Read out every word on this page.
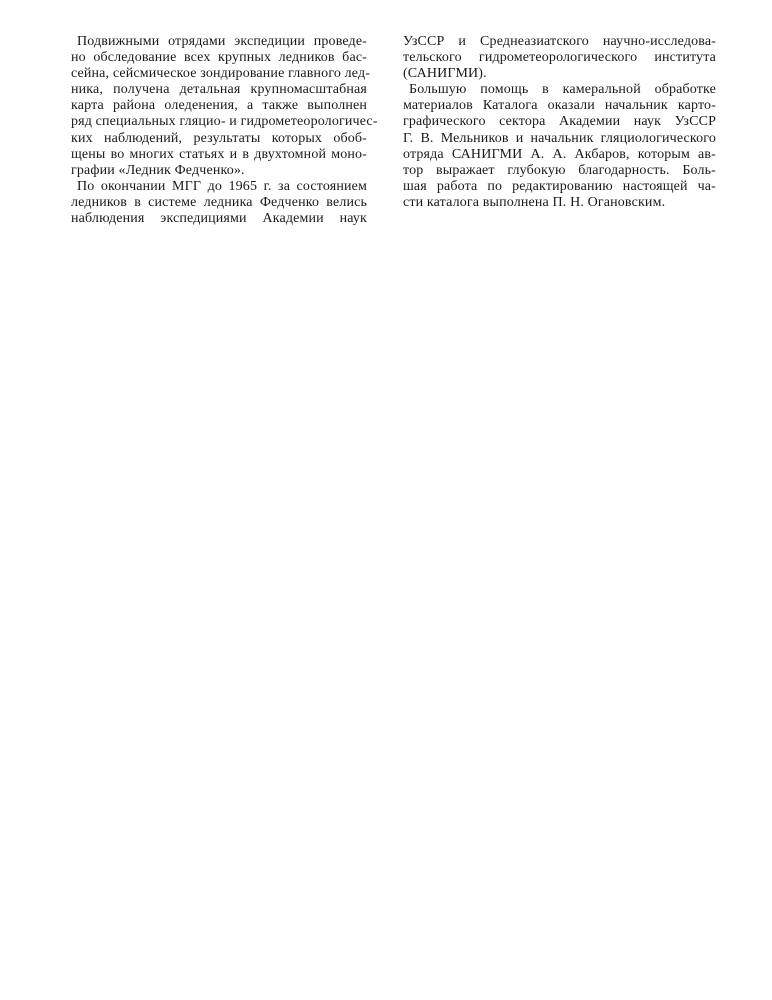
Подвижными отрядами экспедиции проведе-
но обследование всех крупных ледников бас-
сейна, сейсмическое зондирование главного лед-
ника, получена детальная крупномасштабная
карта района оледенения, а также выполнен
ряд специальных гляцио- и гидрометеорологичес-
ких наблюдений, результаты которых обоб-
щены во многих статьях и в двухтомной моно-
графии «Ледник Федченко».
По окончании МГГ до 1965 г. за состоянием
ледников в системе ледника Федченко велись
наблюдения экспедициями Академии наук
УзССР и Среднеазиатского научно-исследова-
тельского гидрометеорологического института
(САНИГМИ).
Большую помощь в камеральной обработке
материалов Каталога оказали начальник карто-
графического сектора Академии наук УзССР
Г. В. Мельников и начальник гляциологического
отряда САНИГМИ А. А. Акбаров, которым ав-
тор выражает глубокую благодарность. Боль-
шая работа по редактированию настоящей ча-
сти каталога выполнена П. Н. Огановским.
